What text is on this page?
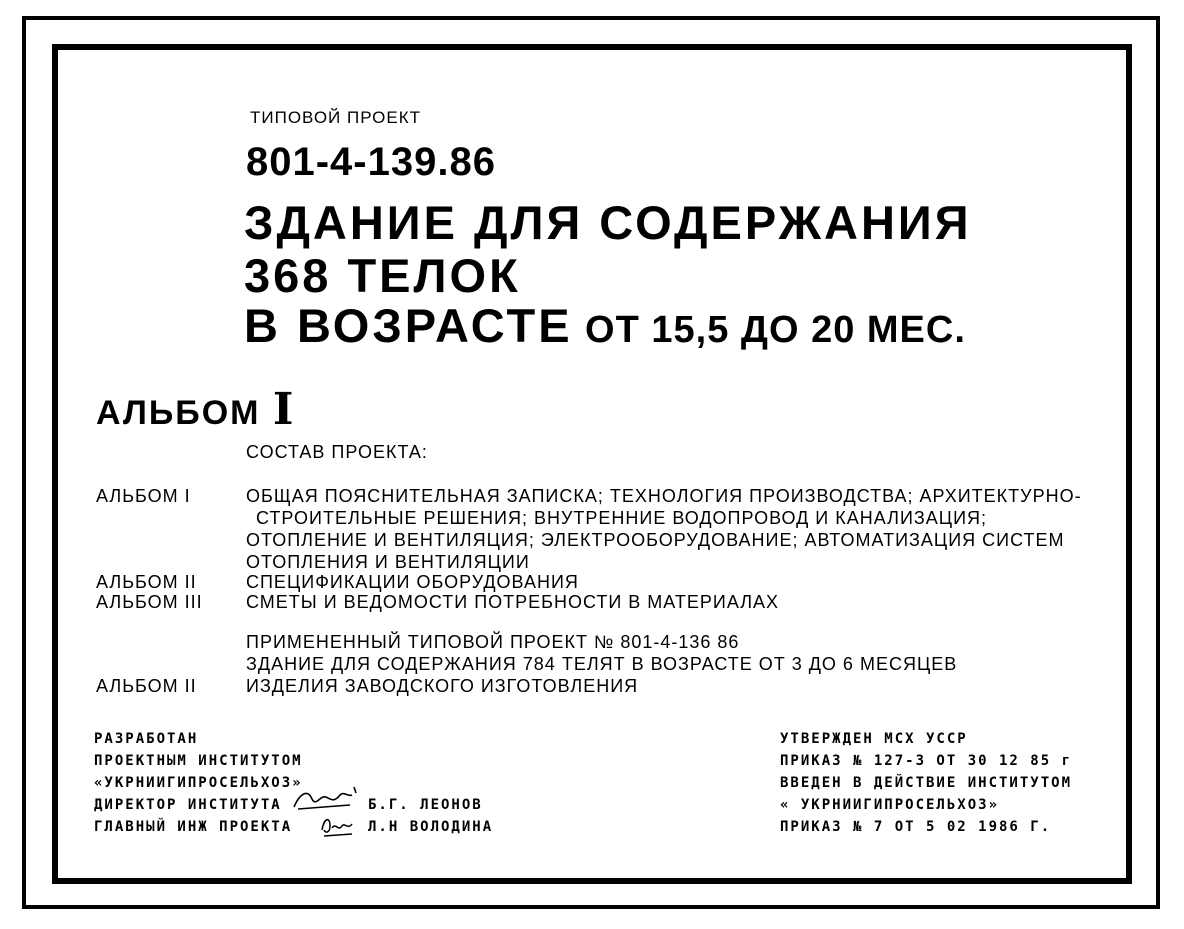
ТИПОВОЙ ПРОЕКТ
801-4-139.86
ЗДАНИЕ ДЛЯ СОДЕРЖАНИЯ
368 ТЕЛОК
В ВОЗРАСТЕ ОТ 15,5 ДО 20 МЕС.
АЛЬБОМ I
СОСТАВ ПРОЕКТА:
АЛЬБОМ I	ОБЩАЯ ПОЯСНИТЕЛЬНАЯ ЗАПИСКА; ТЕХНОЛОГИЯ ПРОИЗВОДСТВА; АРХИТЕКТУРНО-
СТРОИТЕЛЬНЫЕ РЕШЕНИЯ; ВНУТРЕННИЕ ВОДОПРОВОД И КАНАЛИЗАЦИЯ;
ОТОПЛЕНИЕ И ВЕНТИЛЯЦИЯ; ЭЛЕКТРООБОРУДОВАНИЕ; АВТОМАТИЗАЦИЯ СИСТЕМ
ОТОПЛЕНИЯ И ВЕНТИЛЯЦИИ
АЛЬБОМ II	СПЕЦИФИКАЦИИ ОБОРУДОВАНИЯ
АЛЬБОМ III СМЕТЫ И ВЕДОМОСТИ ПОТРЕБНОСТИ В МАТЕРИАЛАХ
ПРИМЕНЕННЫЙ ТИПОВОЙ ПРОЕКТ № 801-4-136 86
ЗДАНИЕ ДЛЯ СОДЕРЖАНИЯ 784 ТЕЛЯТ В ВОЗРАСТЕ ОТ 3 ДО 6 МЕСЯЦЕВ
АЛЬБОМ II	ИЗДЕЛИЯ ЗАВОДСКОГО ИЗГОТОВЛЕНИЯ
РАЗРАБОТАН
ПРОЕКТНЫМ ИНСТИТУТОМ
«УКРНИИГИПРОСЕЛЬХОЗ»
ДИРЕКТОР ИНСТИТУТА	Б.Г. ЛЕОНОВ
ГЛАВНЫЙ ИНЖ ПРОЕКТА	Л.Н ВОЛОДИНА
УТВЕРЖДЕН МСХ УССР
ПРИКАЗ № 127-3 ОТ 30 12 85 г
ВВЕДЕН В ДЕЙСТВИЕ ИНСТИТУТОМ
« УКРНИИГИПРОСЕЛЬХОЗ»
ПРИКАЗ № 7 ОТ 5 02 1986 Г.
